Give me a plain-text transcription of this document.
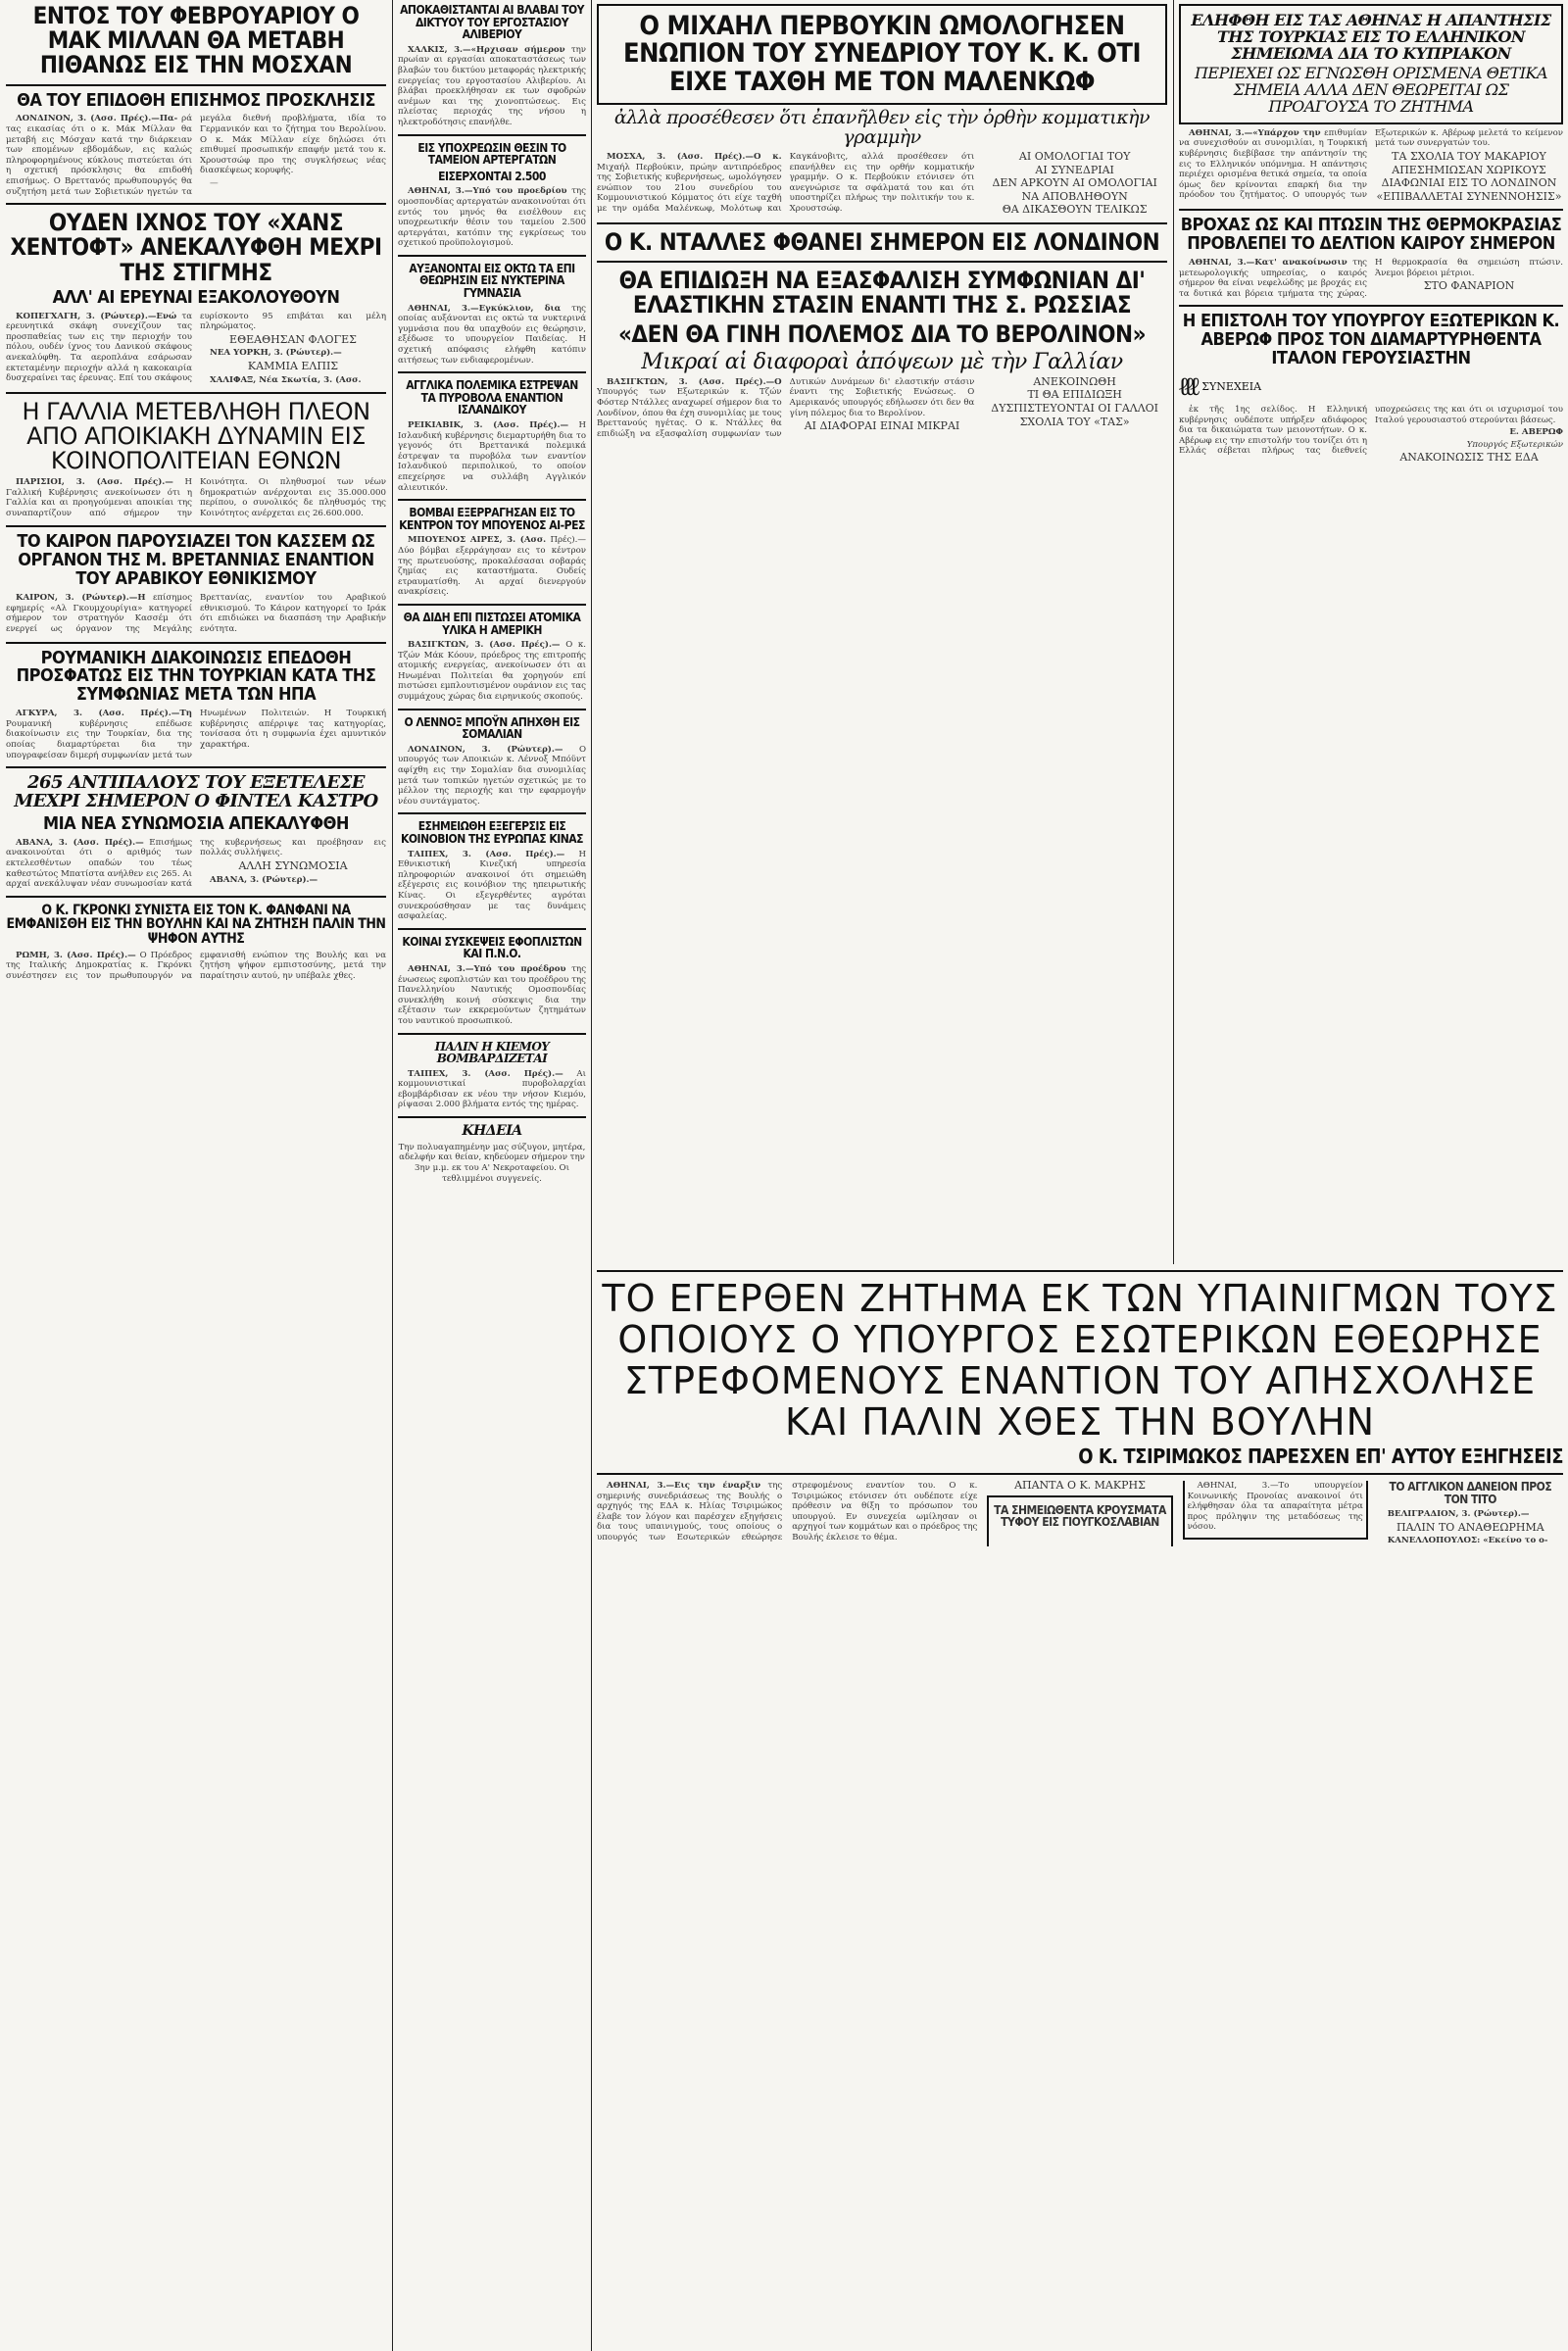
ΕΝΤΟΣ ΤΟΥ ΦΕΒΡΟΥΑΡΙΟΥ Ο ΜΑΚ ΜΙΛΛΑΝ ΘΑ ΜΕΤΑΒΗ ΠΙΘΑΝΩΣ ΕΙΣ ΤΗΝ ΜΟΣΧΑΝ
ΘΑ ΤΟΥ ΕΠΙΔΟΘΗ ΕΠΙΣΗΜΟΣ ΠΡΟΣΚΛΗΣΙΣ

ΛΟΝΔΙΝΟΝ, 3. (Ασσ. Πρές).—Πα- ρά τας εικασίας ότι ο κ. Μάκ Μίλλαν θα μεταβή εις Μόσχαν κατά την διάρκειαν των επομένων εβδομάδων, εις καλώς πληροφορημένους κύκλους πιστεύεται ότι η σχετική πρόσκλησις θα επιδοθή επισήμως. Ο Βρεττανός πρωθυπουργός θα συζητήση μετά των Σοβιετικών ηγετών τα μεγάλα διεθνή προβλήματα, ιδία το Γερμανικόν και το ζήτημα του Βερολίνου. Ο κ. Μάκ Μίλλαν είχε δηλώσει ότι επιθυμεί προσωπικήν επαφήν μετά του κ. Χρουστσώφ προ της συγκλήσεως νέας διασκέψεως κορυφής.

—

ΟΥΔΕΝ ΙΧΝΟΣ ΤΟΥ «ΧΑΝΣ ΧΕΝΤΟΦΤ» ΑΝΕΚΑΛΥΦΘΗ ΜΕΧΡΙ ΤΗΣ ΣΤΙΓΜΗΣ
ΑΛΛ' ΑΙ ΕΡΕΥΝΑΙ ΕΞΑΚΟΛΟΥΘΟΥΝ

ΚΟΠΕΓΧΑΓΗ, 3. (Ρώυτερ).—Ενώ τα ερευνητικά σκάφη συνεχίζουν τας προσπαθείας των εις την περιοχήν του πόλου, ουδέν ίχνος του Δανικού σκάφους ανεκαλύφθη. Τα αεροπλάνα εσάρωσαν εκτεταμένην περιοχήν αλλά η κακοκαιρία δυσχεραίνει τας έρευνας. Επί του σκάφους ευρίσκοντο 95 επιβάται και μέλη πληρώματος.

ΕΘΕΑΘΗΣΑΝ ΦΛΟΓΕΣ

ΝΕΑ ΥΟΡΚΗ, 3. (Ρώυτερ).—

ΚΑΜΜΙΑ ΕΛΠΙΣ

ΧΑΛΙΦΑΞ, Νέα Σκωτία, 3. (Ασσ.

Η ΓΑΛΛΙΑ ΜΕΤΕΒΛΗΘΗ ΠΛΕΟΝ ΑΠΟ ΑΠΟΙΚΙΑΚΗ ΔΥΝΑΜΙΝ ΕΙΣ ΚΟΙΝΟΠΟΛΙΤΕΙΑΝ ΕΘΝΩΝ

ΠΑΡΙΣΙΟΙ, 3. (Ασσ. Πρές).— Η Γαλλική Κυβέρνησις ανεκοίνωσεν ότι η Γαλλία και αι προηγούμεναι αποικίαι της συναπαρτίζουν από σήμερον την Κοινότητα. Οι πληθυσμοί των νέων δημοκρατιών ανέρχονται εις 35.000.000 περίπου, ο συνολικός δε πληθυσμός της Κοινότητος ανέρχεται εις 26.600.000.

ΤΟ ΚΑΙΡΟΝ ΠΑΡΟΥΣΙΑΖΕΙ ΤΟΝ ΚΑΣΣΕΜ ΩΣ ΟΡΓΑΝΟΝ ΤΗΣ Μ. ΒΡΕΤΑΝΝΙΑΣ ΕΝΑΝΤΙΟΝ ΤΟΥ ΑΡΑΒΙΚΟΥ ΕΘΝΙΚΙΣΜΟΥ

ΚΑΙΡΟΝ, 3. (Ρώυτερ).—Η επίσημος εφημερίς «Αλ Γκουμχουρίγια» κατηγορεί σήμερον τον στρατηγόν Κασσέμ ότι ενεργεί ως όργανον της Μεγάλης Βρεττανίας, εναντίον του Αραβικού εθνικισμού. Το Κάιρον κατηγορεί το Ιράκ ότι επιδιώκει να διασπάση την Αραβικήν ενότητα.

ΡΟΥΜΑΝΙΚΗ ΔΙΑΚΟΙΝΩΣΙΣ ΕΠΕΔΟΘΗ ΠΡΟΣΦΑΤΩΣ ΕΙΣ ΤΗΝ ΤΟΥΡΚΙΑΝ ΚΑΤΑ ΤΗΣ ΣΥΜΦΩΝΙΑΣ ΜΕΤΑ ΤΩΝ ΗΠΑ

ΑΓΚΥΡΑ, 3. (Ασσ. Πρές).—Τη Ρουμανική κυβέρνησις επέδωσε διακοίνωσιν εις την Τουρκίαν, δια της οποίας διαμαρτύρεται δια την υπογραφείσαν διμερή συμφωνίαν μετά των Ηνωμένων Πολιτειών. Η Τουρκική κυβέρνησις απέρριψε τας κατηγορίας, τονίσασα ότι η συμφωνία έχει αμυντικόν χαρακτήρα.

265 ΑΝΤΙΠΑΛΟΥΣ ΤΟΥ ΕΞΕΤΕΛΕΣΕ ΜΕΧΡΙ ΣΗΜΕΡΟΝ Ο ΦΙΝΤΕΛ ΚΑΣΤΡΟ
ΜΙΑ ΝΕΑ ΣΥΝΩΜΟΣΙΑ ΑΠΕΚΑΛΥΦΘΗ

ΑΒΑΝΑ, 3. (Ασσ. Πρές).— Επισήμως ανακοινούται ότι ο αριθμός των εκτελεσθέντων οπαδών του τέως καθεστώτος Μπατίστα ανήλθεν εις 265. Αι αρχαί ανεκάλυψαν νέαν συνωμοσίαν κατά της κυβερνήσεως και προέβησαν εις πολλάς συλλήψεις.

ΑΛΛΗ ΣΥΝΩΜΟΣΙΑ

ΑΒΑΝΑ, 3. (Ρώυτερ).—

Ο Κ. ΓΚΡΟΝΚΙ ΣΥΝΙΣΤΑ ΕΙΣ ΤΟΝ Κ. ΦΑΝΦΑΝΙ ΝΑ ΕΜΦΑΝΙΣΘΗ ΕΙΣ ΤΗΝ ΒΟΥΛΗΝ ΚΑΙ ΝΑ ΖΗΤΗΣΗ ΠΑΛΙΝ ΤΗΝ ΨΗΦΟΝ ΑΥΤΗΣ

ΡΩΜΗ, 3. (Ασσ. Πρές).— Ο Πρόεδρος της Ιταλικής Δημοκρατίας κ. Γκρόνκι συνέστησεν εις τον πρωθυπουργόν να εμφανισθή ενώπιον της Βουλής και να ζητήση ψήφον εμπιστοσύνης, μετά την παραίτησιν αυτού, ην υπέβαλε χθες.

ΑΠΟΚΑΘΙΣΤΑΝΤΑΙ ΑΙ ΒΛΑΒΑΙ ΤΟΥ ΔΙΚΤΥΟΥ ΤΟΥ ΕΡΓΟΣΤΑΣΙΟΥ ΑΛΙΒΕΡΙΟΥ

ΧΑΛΚΙΣ, 3.—«Ηρχισαν σήμερον την πρωίαν αι εργασίαι αποκαταστάσεως των βλαβών του δικτύου μεταφοράς ηλεκτρικής ενεργείας του εργοστασίου Αλιβερίου. Αι βλάβαι προεκλήθησαν εκ των σφοδρών ανέμων και της χιονοπτώσεως. Εις πλείστας περιοχάς της νήσου η ηλεκτροδότησις επανήλθε.

ΕΙΣ ΥΠΟΧΡΕΩΣΙΝ ΘΕΣΙΝ ΤΟ ΤΑΜΕΙΟΝ ΑΡΤΕΡΓΑΤΩΝ
ΕΙΣΕΡΧΟΝΤΑΙ 2.500

ΑΘΗΝΑΙ, 3.—Υπό του προεδρίου της ομοσπονδίας αρτεργατών ανακοινούται ότι εντός του μηνός θα εισέλθουν εις υποχρεωτικήν θέσιν του ταμείου 2.500 αρτεργάται, κατόπιν της εγκρίσεως του σχετικού προϋπολογισμού.

ΑΥΞΑΝΟΝΤΑΙ ΕΙΣ ΟΚΤΩ ΤΑ ΕΠΙ ΘΕΩΡΗΣΙΝ ΕΙΣ ΝΥΚΤΕΡΙΝΑ ΓΥΜΝΑΣΙΑ

ΑΘΗΝΑΙ, 3.—Εγκύκλιον, δια της οποίας αυξάνονται εις οκτώ τα νυκτερινά γυμνάσια που θα υπαχθούν εις θεώρησιν, εξέδωσε το υπουργείον Παιδείας. Η σχετική απόφασις ελήφθη κατόπιν αιτήσεως των ενδιαφερομένων.

ΑΓΓΛΙΚΑ ΠΟΛΕΜΙΚΑ ΕΣΤΡΕΨΑΝ ΤΑ ΠΥΡΟΒΟΛΑ ΕΝΑΝΤΙΟΝ ΙΣΛΑΝΔΙΚΟΥ

ΡΕΙΚΙΑΒΙΚ, 3. (Ασσ. Πρές).— Η Ισλανδική κυβέρνησις διεμαρτυρήθη δια το γεγονός ότι Βρεττανικά πολεμικά έστρεψαν τα πυροβόλα των εναντίον Ισλανδικού περιπολικού, το οποίον επεχείρησε να συλλάβη Αγγλικόν αλιευτικόν.

ΒΟΜΒΑΙ ΕΞΕΡΡΑΓΗΣΑΝ ΕΙΣ ΤΟ ΚΕΝΤΡΟΝ ΤΟΥ ΜΠΟΥΕΝΟΣ ΑΙ-ΡΕΣ

ΜΠΟΥΕΝΟΣ ΑΙΡΕΣ, 3. (Ασσ. Πρές).—Δύο βόμβαι εξερράγησαν εις το κέντρον της πρωτευούσης, προκαλέσασαι σοβαράς ζημίας εις καταστήματα. Ουδείς ετραυματίσθη. Αι αρχαί διενεργούν ανακρίσεις.

ΘΑ ΔΙΔΗ ΕΠΙ ΠΙΣΤΩΣΕΙ ΑΤΟΜΙΚΑ ΥΛΙΚΑ Η ΑΜΕΡΙΚΗ

ΒΑΣΙΓΚΤΩΝ, 3. (Ασσ. Πρές).— Ο κ. Τζών Μάκ Κόουν, πρόεδρος της επιτροπής ατομικής ενεργείας, ανεκοίνωσεν ότι αι Ηνωμέναι Πολιτείαι θα χορηγούν επί πιστώσει εμπλουτισμένον ουράνιον εις τας συμμάχους χώρας δια ειρηνικούς σκοπούς.

Ο ΛΕΝΝΟΞ ΜΠΟΫΝ ΑΠΗΧΘΗ ΕΙΣ ΣΟΜΑΛΙΑΝ

ΛΟΝΔΙΝΟΝ, 3. (Ρώυτερ).— Ο υπουργός των Αποικιών κ. Λέννοξ Μπόϋντ αφίχθη εις την Σομαλίαν δια συνομιλίας μετά των τοπικών ηγετών σχετικώς με το μέλλον της περιοχής και την εφαρμογήν νέου συντάγματος.

ΕΣΗΜΕΙΩΘΗ ΕΞΕΓΕΡΣΙΣ ΕΙΣ ΚΟΙΝΟΒΙΟΝ ΤΗΣ ΕΥΡΩΠΑΣ ΚΙΝΑΣ

ΤΑΙΠΕΧ, 3. (Ασσ. Πρές).— Η Εθνικιστική Κινεζική υπηρεσία πληροφοριών ανακοινοί ότι σημειώθη εξέγερσις εις κοινόβιον της ηπειρωτικής Κίνας. Οι εξεγερθέντες αγρόται συνεκρούσθησαν με τας δυνάμεις ασφαλείας.

ΚΟΙΝΑΙ ΣΥΣΚΕΨΕΙΣ ΕΦΟΠΛΙΣΤΩΝ ΚΑΙ Π.Ν.Ο.

ΑΘΗΝΑΙ, 3.—Υπό του προέδρου της ένωσεως εφοπλιστών και του προέδρου της Πανελληνίου Ναυτικής Ομοσπονδίας συνεκλήθη κοινή σύσκεψις δια την εξέτασιν των εκκρεμούντων ζητημάτων του ναυτικού προσωπικού.

ΠΑΛΙΝ Η ΚΙΕΜΟΥ ΒΟΜΒΑΡΔΙΖΕΤΑΙ

ΤΑΙΠΕΧ, 3. (Ασσ. Πρές).— Αι κομμουνιστικαί πυροβολαρχίαι εβομβάρδισαν εκ νέου την νήσον Κιεμόυ, ρίψασαι 2.000 βλήματα εντός της ημέρας.

ΚΗΔΕΙΑ
Την πολυαγαπημένην μας σύζυγον, μητέρα, αδελφήν και θείαν, κηδεύομεν σήμερον την 3ην μ.μ. εκ του Α' Νεκροταφείου. Οι τεθλιμμένοι συγγενείς.
Ο ΜΙΧΑΗΛ ΠΕΡΒΟΥΚΙΝ ΩΜΟΛΟΓΗΣΕΝ ΕΝΩΠΙΟΝ ΤΟΥ ΣΥΝΕΔΡΙΟΥ ΤΟΥ Κ. Κ. ΟΤΙ ΕΙΧΕ ΤΑΧΘΗ ΜΕ ΤΟΝ ΜΑΛΕΝΚΩΦ
ἀλλὰ προσέθεσεν ὅτι ἐπανῆλθεν εἰς τὴν ὀρθὴν κομματικὴν γραμμὴν

ΜΟΣΧΑ, 3. (Ασσ. Πρές).—Ο κ. Μιχαήλ Περβούκιν, πρώην αντιπρόεδρος της Σοβιετικής κυβερνήσεως, ωμολόγησεν ενώπιον του 21ου συνεδρίου του Κομμουνιστικού Κόμματος ότι είχε ταχθή με την ομάδα Μαλένκωφ, Μολότωφ και Καγκάνοβιτς, αλλά προσέθεσεν ότι επανήλθεν εις την ορθήν κομματικήν γραμμήν. Ο κ. Περβούκιν ετόνισεν ότι ανεγνώρισε τα σφάλματά του και ότι υποστηρίζει πλήρως την πολιτικήν του κ. Χρουστσώφ.

ΑΙ ΟΜΟΛΟΓΙΑΙ ΤΟΥ
ΑΙ ΣΥΝΕΔΡΙΑΙ
ΔΕΝ ΑΡΚΟΥΝ ΑΙ ΟΜΟΛΟΓΙΑΙ
ΝΑ ΑΠΟΒΛΗΘΟΥΝ
ΘΑ ΔΙΚΑΣΘΟΥΝ ΤΕΛΙΚΩΣ
Ο Κ. ΝΤΑΛΛΕΣ ΦΘΑΝΕΙ ΣΗΜΕΡΟΝ ΕΙΣ ΛΟΝΔΙΝΟΝ
ΘΑ ΕΠΙΔΙΩΞΗ ΝΑ ΕΞΑΣΦΑΛΙΣΗ ΣΥΜΦΩΝΙΑΝ ΔΙ' ΕΛΑΣΤΙΚΗΝ ΣΤΑΣΙΝ ΕΝΑΝΤΙ ΤΗΣ Σ. ΡΩΣΣΙΑΣ
«ΔΕΝ ΘΑ ΓΙΝΗ ΠΟΛΕΜΟΣ ΔΙΑ ΤΟ ΒΕΡΟΛΙΝΟΝ»
Μικραί αἱ διαφοραὶ ἀπόψεων μὲ τὴν Γαλλίαν

ΒΑΣΙΓΚΤΩΝ, 3. (Ασσ. Πρές).—Ο Υπουργός των Εξωτερικών κ. Τζών Φόστερ Ντάλλες αναχωρεί σήμερον δια το Λονδίνον, όπου θα έχη συνομιλίας με τους Βρεττανούς ηγέτας. Ο κ. Ντάλλες θα επιδιώξη να εξασφαλίση συμφωνίαν των Δυτικών Δυνάμεων δι' ελαστικήν στάσιν έναντι της Σοβιετικής Ενώσεως. Ο Αμερικανός υπουργός εδήλωσεν ότι δεν θα γίνη πόλεμος δια το Βερολίνον.

ΑΙ ΔΙΑΦΟΡΑΙ ΕΙΝΑΙ ΜΙΚΡΑΙ
ΑΝΕΚΟΙΝΩΘΗ
ΤΙ ΘΑ ΕΠΙΔΙΩΞΗ
ΔΥΣΠΙΣΤΕΥΟΝΤΑΙ ΟΙ ΓΑΛΛΟΙ
ΣΧΟΛΙΑ ΤΟΥ «ΤΑΣ»
ΕΛΗΦΘΗ ΕΙΣ ΤΑΣ ΑΘΗΝΑΣ Η ΑΠΑΝΤΗΣΙΣ ΤΗΣ ΤΟΥΡΚΙΑΣ ΕΙΣ ΤΟ ΕΛΛΗΝΙΚΟΝ ΣΗΜΕΙΩΜΑ ΔΙΑ ΤΟ ΚΥΠΡΙΑΚΟΝ
ΠΕΡΙΕΧΕΙ ΩΣ ΕΓΝΩΣΘΗ ΟΡΙΣΜΕΝΑ ΘΕΤΙΚΑ ΣΗΜΕΙΑ ΑΛΛΑ ΔΕΝ ΘΕΩΡΕΙΤΑΙ ΩΣ ΠΡΟΑΓΟΥΣΑ ΤΟ ΖΗΤΗΜΑ

ΑΘΗΝΑΙ, 3.—«Υπάρχον την επιθυμίαν να συνεχισθούν αι συνομιλίαι, η Τουρκική κυβέρνησις διεβίβασε την απάντησίν της εις το Ελληνικόν υπόμνημα. Η απάντησις περιέχει ορισμένα θετικά σημεία, τα οποία όμως δεν κρίνονται επαρκή δια την πρόοδον του ζητήματος. Ο υπουργός των Εξωτερικών κ. Αβέρωφ μελετά το κείμενον μετά των συνεργατών του.

ΤΑ ΣΧΟΛΙΑ ΤΟΥ ΜΑΚΑΡΙΟΥ
ΑΠΕΣΗΜΙΩΣΑΝ ΧΩΡΙΚΟΥΣ
ΔΙΑΦΩΝΙΑΙ ΕΙΣ ΤΟ ΛΟΝΔΙΝΟΝ
«ΕΠΙΒΑΛΛΕΤΑΙ ΣΥΝΕΝΝΟΗΣΙΣ»
ΒΡΟΧΑΣ ΩΣ ΚΑΙ ΠΤΩΣΙΝ ΤΗΣ ΘΕΡΜΟΚΡΑΣΙΑΣ ΠΡΟΒΛΕΠΕΙ ΤΟ ΔΕΛΤΙΟΝ ΚΑΙΡΟΥ ΣΗΜΕΡΟΝ

ΑΘΗΝΑΙ, 3.—Κατ' ανακοίνωσιν της μετεωρολογικής υπηρεσίας, ο καιρός σήμερον θα είναι νεφελώδης με βροχάς εις τα δυτικά και βόρεια τμήματα της χώρας. Η θερμοκρασία θα σημειώση πτώσιν. Άνεμοι βόρειοι μέτριοι.

ΣΤΟ ΦΑΝΑΡΙΟΝ
Η ΕΠΙΣΤΟΛΗ ΤΟΥ ΥΠΟΥΡΓΟΥ ΕΞΩΤΕΡΙΚΩΝ Κ. ΑΒΕΡΩΦ ΠΡΟΣ ΤΟΝ ΔΙΑΜΑΡΤΥΡΗΘΕΝΤΑ ΙΤΑΛΟΝ ΓΕΡΟΥΣΙΑΣΤΗΝ
ℓℓℓ ΣΥΝΕΧΕΙΑ

ἐκ τῆς 1ης σελίδος. Η Ελληνική κυβέρνησις ουδέποτε υπήρξεν αδιάφορος δια τα δικαιώματα των μειονοτήτων. Ο κ. Αβέρωφ εις την επιστολήν του τονίζει ότι η Ελλάς σέβεται πλήρως τας διεθνείς υποχρεώσεις της και ότι οι ισχυρισμοί του Ιταλού γερουσιαστού στερούνται βάσεως.

Ε. ΑΒΕΡΩΦ

Υπουργός Εξωτερικών

ΑΝΑΚΟΙΝΩΣΙΣ ΤΗΣ ΕΔΑ
ΤΟ ΕΓΕΡΘΕΝ ΖΗΤΗΜΑ ΕΚ ΤΩΝ ΥΠΑΙΝΙΓΜΩΝ ΤΟΥΣ ΟΠΟΙΟΥΣ Ο ΥΠΟΥΡΓΟΣ ΕΣΩΤΕΡΙΚΩΝ ΕΘΕΩΡΗΣΕ ΣΤΡΕΦΟΜΕΝΟΥΣ ΕΝΑΝΤΙΟΝ ΤΟΥ ΑΠΗΣΧΟΛΗΣΕ ΚΑΙ ΠΑΛΙΝ ΧΘΕΣ ΤΗΝ ΒΟΥΛΗΝ
Ο Κ. ΤΣΙΡΙΜΩΚΟΣ ΠΑΡΕΣΧΕΝ ΕΠ' ΑΥΤΟΥ ΕΞΗΓΗΣΕΙΣ

ΑΘΗΝΑΙ, 3.—Εις την έναρξιν της σημερινής συνεδριάσεως της Βουλής ο αρχηγός της ΕΔΑ κ. Ηλίας Τσιριμώκος έλαβε τον λόγον και παρέσχεν εξηγήσεις δια τους υπαινιγμούς, τους οποίους ο υπουργός των Εσωτερικών εθεώρησε στρεφομένους εναντίον του. Ο κ. Τσιριμώκος ετόνισεν ότι ουδέποτε είχε πρόθεσιν να θίξη το πρόσωπον του υπουργού. Εν συνεχεία ωμίλησαν οι αρχηγοί των κομμάτων και ο πρόεδρος της Βουλής έκλεισε το θέμα.

ΑΠΑΝΤΑ Ο Κ. ΜΑΚΡΗΣ
ΤΑ ΣΗΜΕΙΩΘΕΝΤΑ ΚΡΟΥΣΜΑΤΑ ΤΥΦΟΥ ΕΙΣ ΓΙΟΥΓΚΟΣΛΑΒΙΑΝ

ΑΘΗΝΑΙ, 3.—Το υπουργείον Κοινωνικής Προνοίας ανακοινοί ότι ελήφθησαν όλα τα απαραίτητα μέτρα προς πρόληψιν της μεταδόσεως της νόσου.

ΤΟ ΑΓΓΛΙΚΟΝ ΔΑΝΕΙΟΝ ΠΡΟΣ ΤΟΝ ΤΙΤΟ

ΒΕΛΙΓΡΑΔΙΟΝ, 3. (Ρώυτερ).—

ΠΑΛΙΝ ΤΟ ΑΝΑΘΕΩΡΗΜΑ

ΚΑΝΕΛΛΟΠΟΥΛΟΣ: «Εκείνο το ο-
